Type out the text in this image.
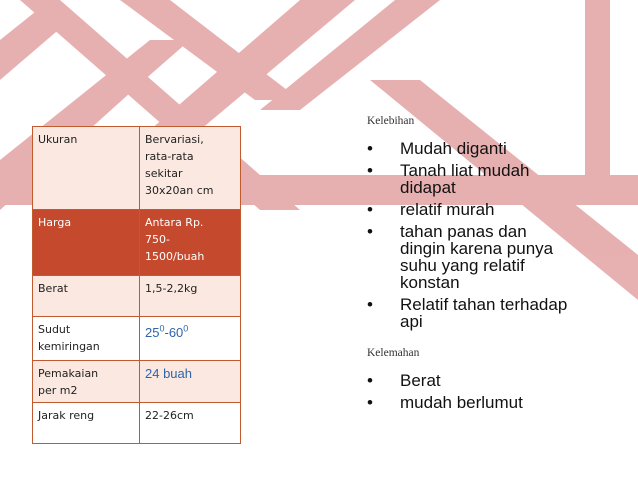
Ukuran	Bervariasi,
rata-rata
sekitar
30x20an cm
Harga	Antara Rp.
750-
1500/buah
Berat	1,5-2,2kg
Sudut
kemiringan	$25^0-60^0$
Pemakaian
per m2	24 buah
Jarak reng	22-26cm
Kelebihan
• Mudah diganti
• Tanah liat mudah
didapat
• relatif murah
• tahan panas dan
dingin karena punya
suhu yang relatif
konstan
• Relatif tahan terhadap
api
Kelemahan
• Berat
• mudah berlumut
